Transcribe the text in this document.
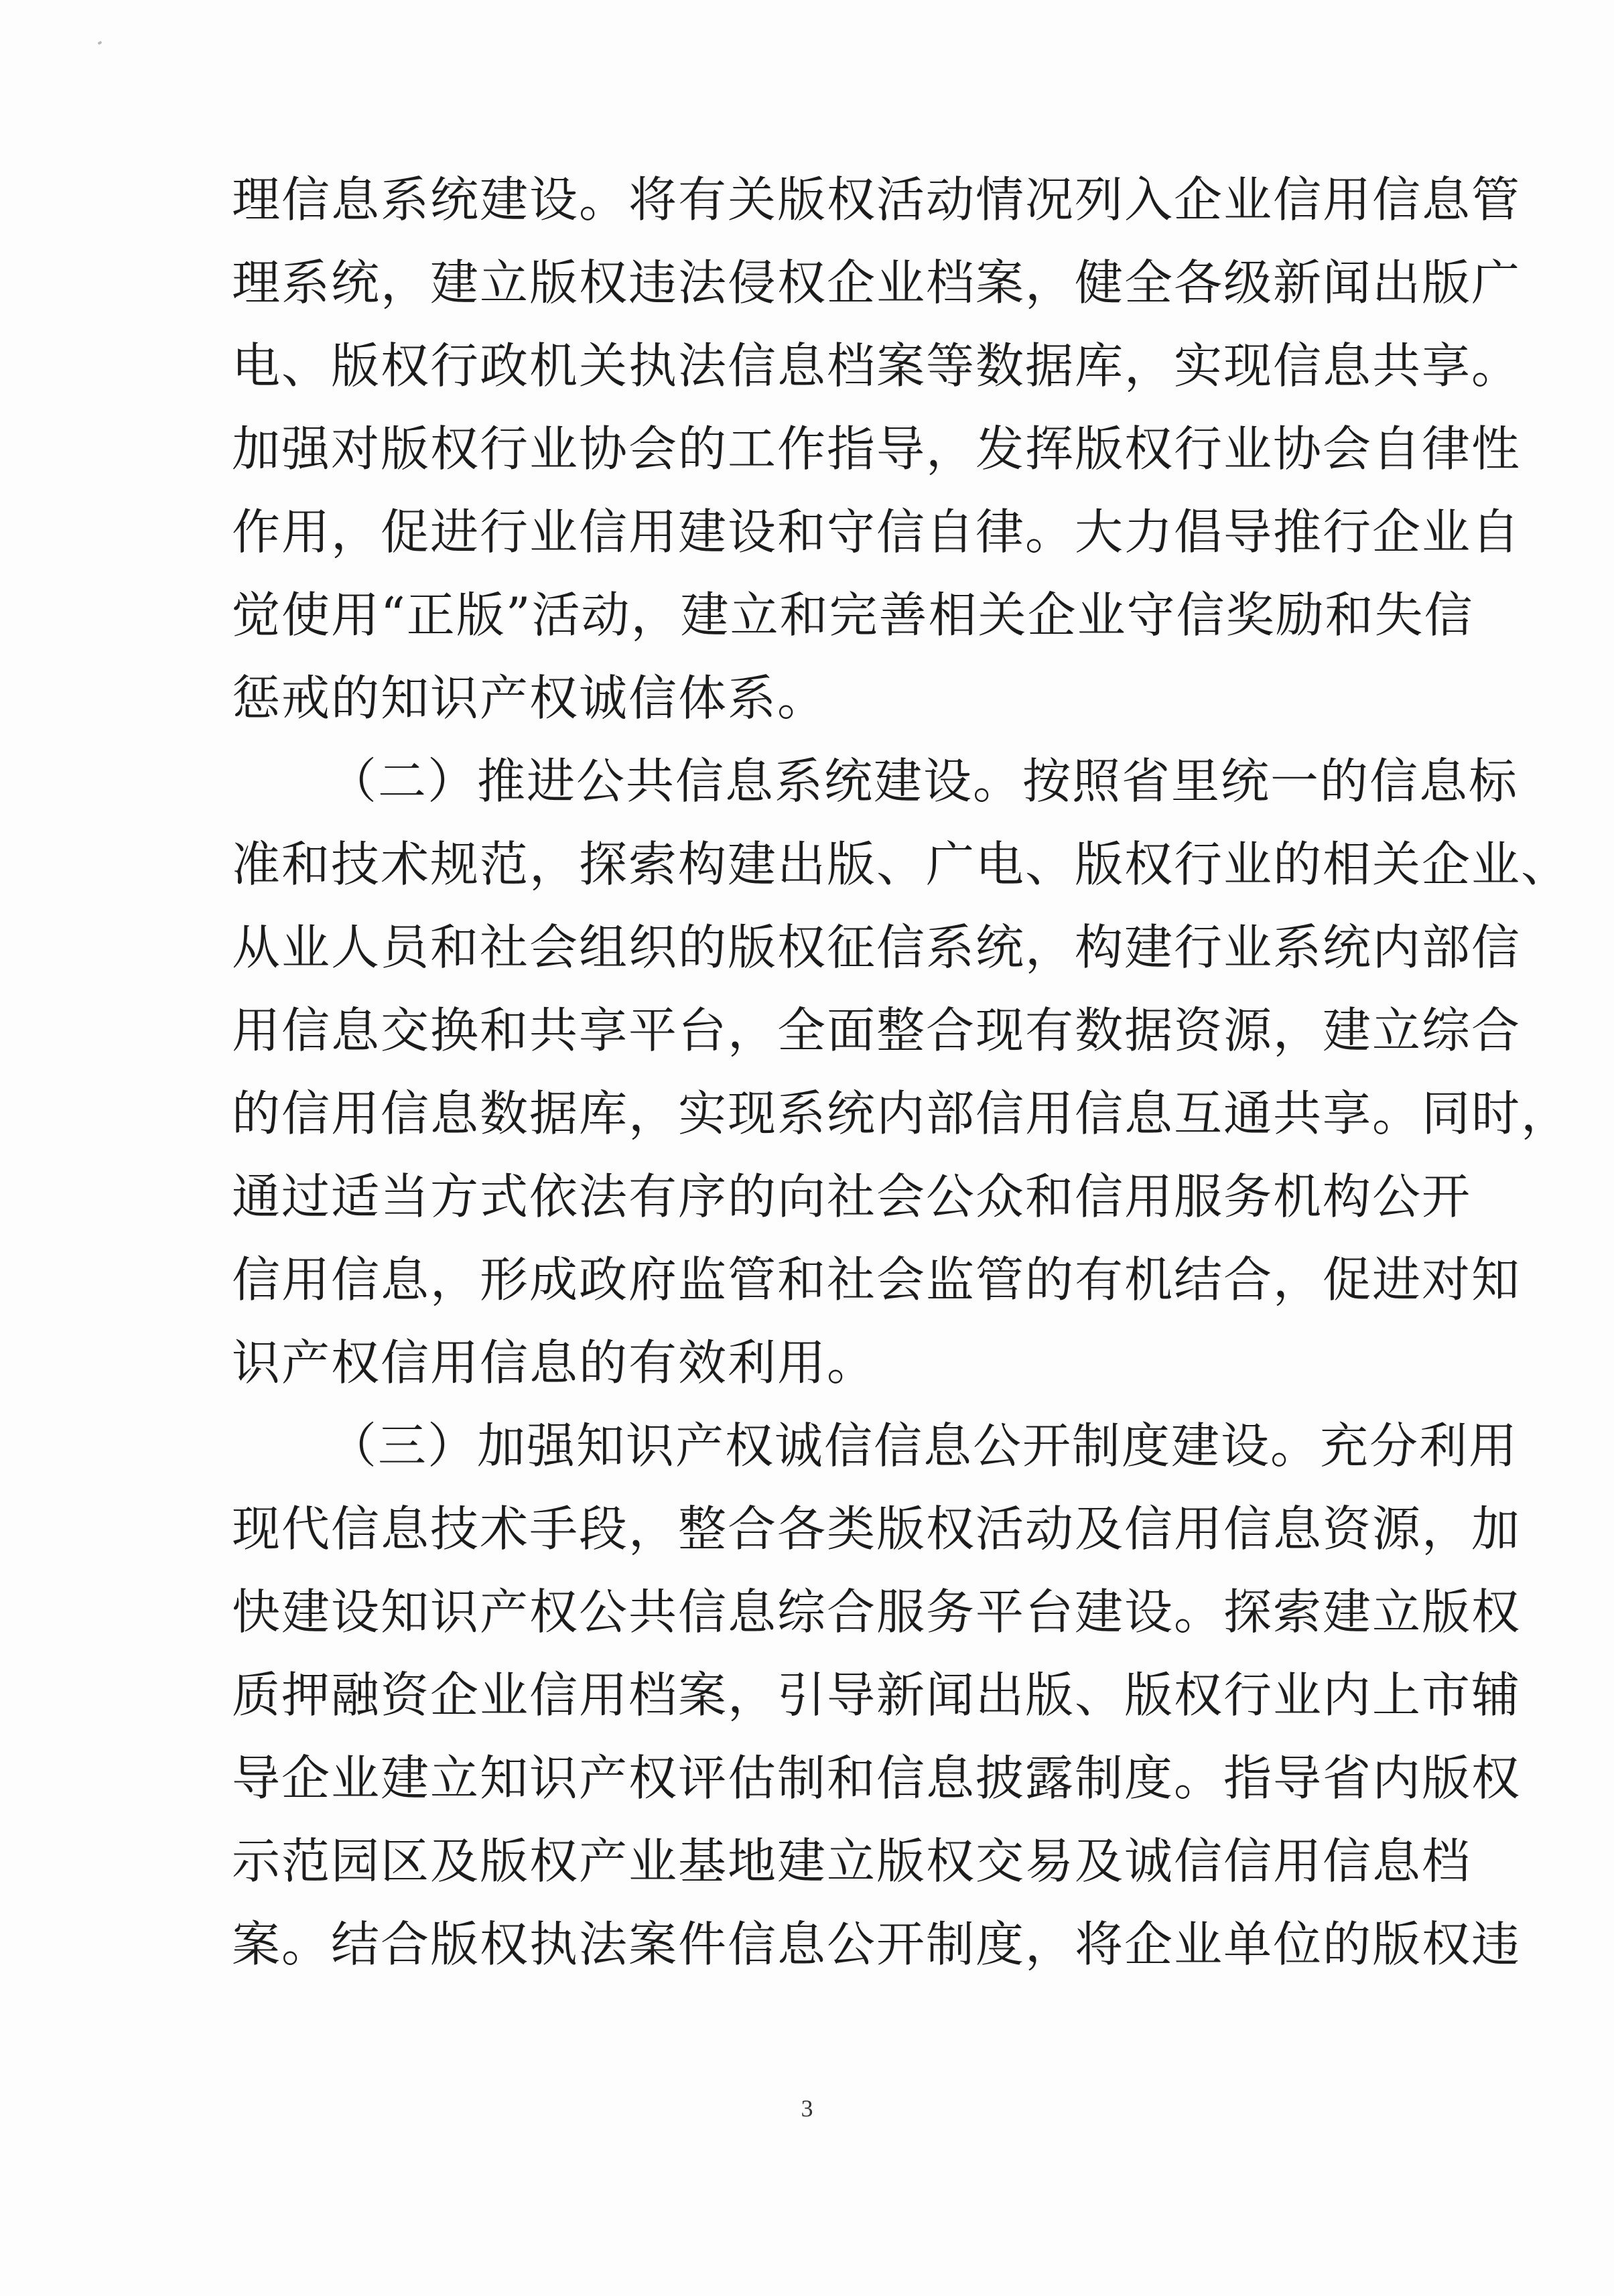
理信息系统建设。将有关版权活动情况列入企业信用信息管
理系统，建立版权违法侵权企业档案，健全各级新闻出版广
电、版权行政机关执法信息档案等数据库，实现信息共享。
加强对版权行业协会的工作指导，发挥版权行业协会自律性
作用，促进行业信用建设和守信自律。大力倡导推行企业自
觉使用“正版”活动，建立和完善相关企业守信奖励和失信
惩戒的知识产权诚信体系。
（二）推进公共信息系统建设。按照省里统一的信息标
准和技术规范，探索构建出版、广电、版权行业的相关企业、
从业人员和社会组织的版权征信系统，构建行业系统内部信
用信息交换和共享平台，全面整合现有数据资源，建立综合
的信用信息数据库，实现系统内部信用信息互通共享。同时，
通过适当方式依法有序的向社会公众和信用服务机构公开
信用信息，形成政府监管和社会监管的有机结合，促进对知
识产权信用信息的有效利用。
（三）加强知识产权诚信信息公开制度建设。充分利用
现代信息技术手段，整合各类版权活动及信用信息资源，加
快建设知识产权公共信息综合服务平台建设。探索建立版权
质押融资企业信用档案，引导新闻出版、版权行业内上市辅
导企业建立知识产权评估制和信息披露制度。指导省内版权
示范园区及版权产业基地建立版权交易及诚信信用信息档
案。结合版权执法案件信息公开制度，将企业单位的版权违
3
